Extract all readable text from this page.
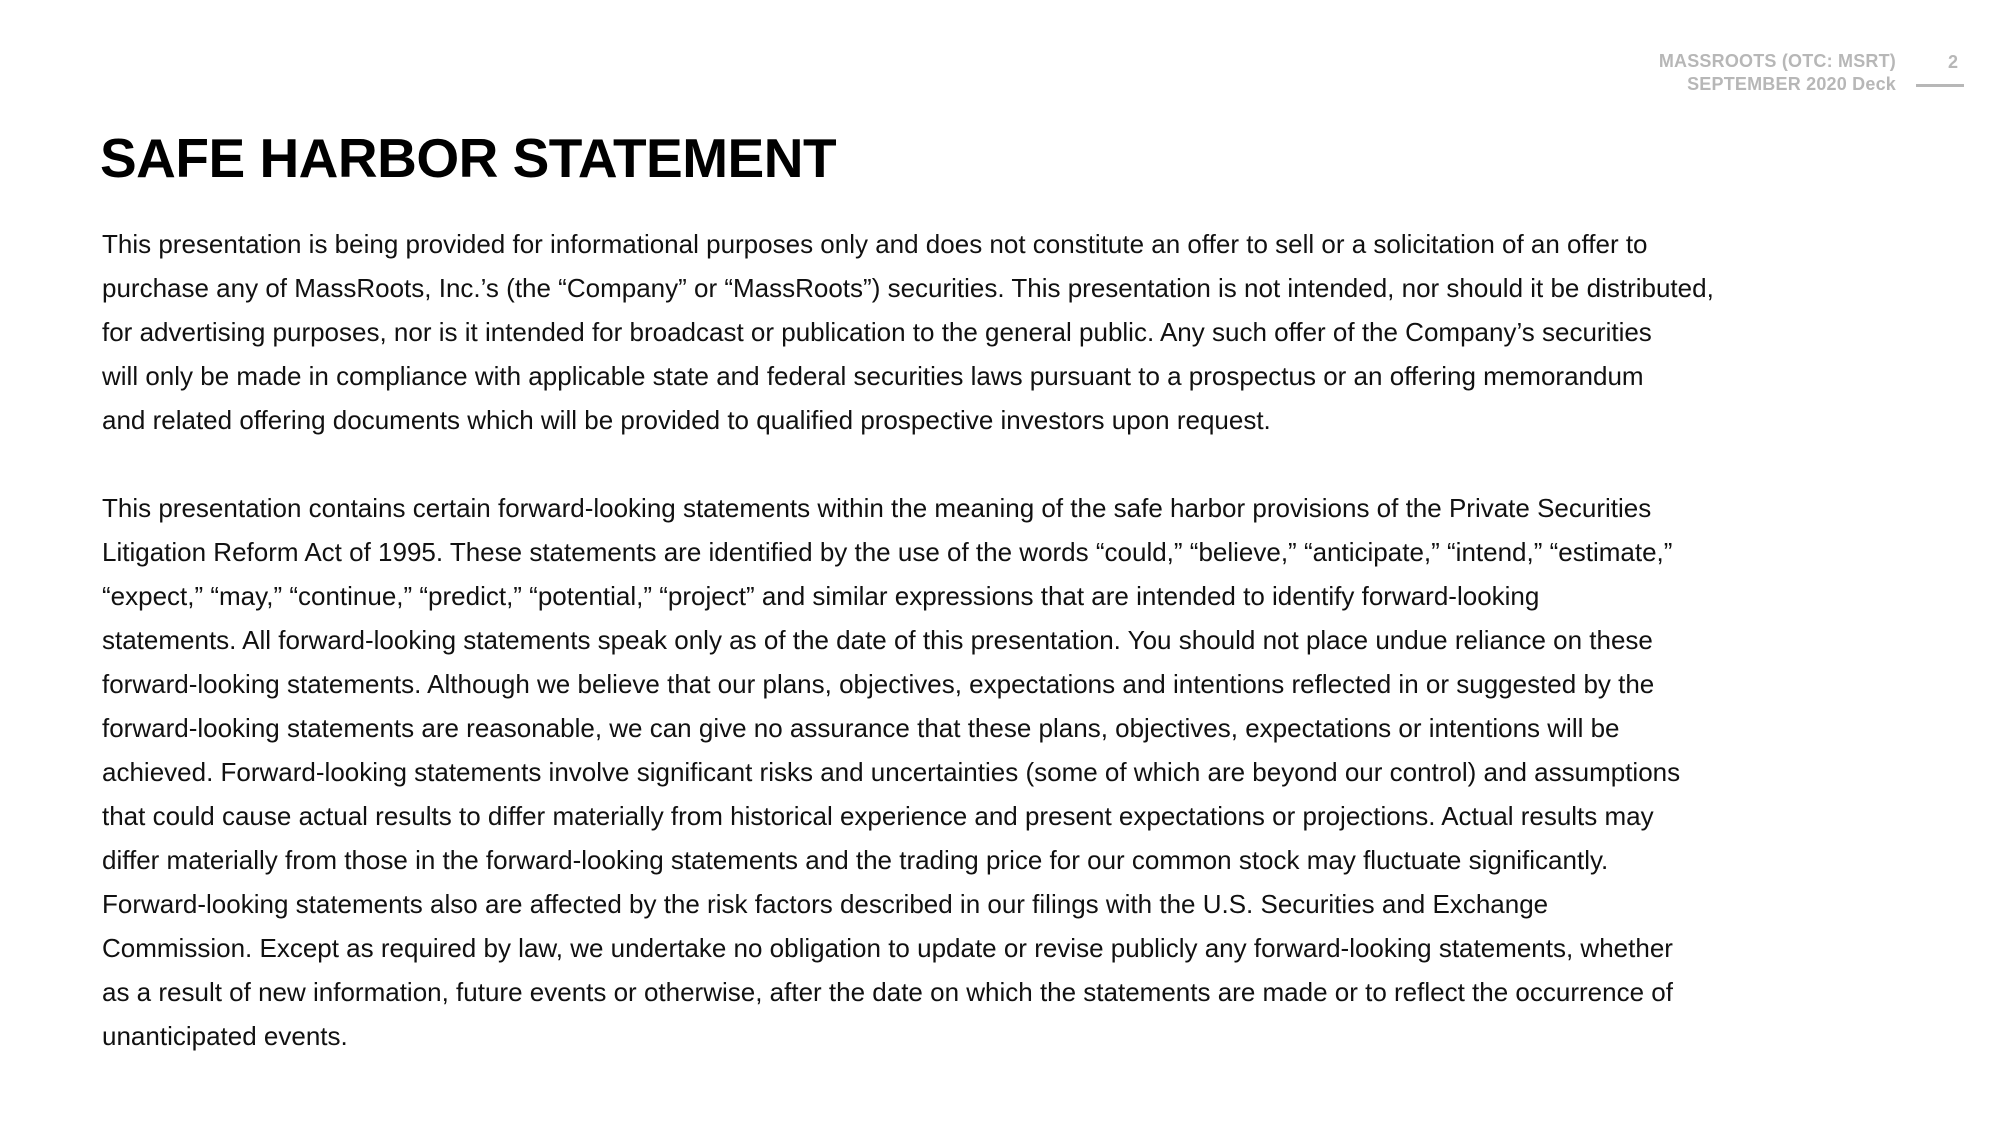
MASSROOTS (OTC: MSRT)
SEPTEMBER 2020 Deck
2
SAFE HARBOR STATEMENT

This presentation is being provided for informational purposes only and does not constitute an offer to sell or a solicitation of an offer to
purchase any of MassRoots, Inc.’s (the “Company” or “MassRoots”) securities. This presentation is not intended, nor should it be distributed,
for advertising purposes, nor is it intended for broadcast or publication to the general public. Any such offer of the Company’s securities
will only be made in compliance with applicable state and federal securities laws pursuant to a prospectus or an offering memorandum
and related offering documents which will be provided to qualified prospective investors upon request.

This presentation contains certain forward-looking statements within the meaning of the safe harbor provisions of the Private Securities
Litigation Reform Act of 1995. These statements are identified by the use of the words “could,” “believe,” “anticipate,” “intend,” “estimate,”
“expect,” “may,” “continue,” “predict,” “potential,” “project” and similar expressions that are intended to identify forward-looking
statements. All forward-looking statements speak only as of the date of this presentation. You should not place undue reliance on these
forward-looking statements. Although we believe that our plans, objectives, expectations and intentions reflected in or suggested by the
forward-looking statements are reasonable, we can give no assurance that these plans, objectives, expectations or intentions will be
achieved. Forward-looking statements involve significant risks and uncertainties (some of which are beyond our control) and assumptions
that could cause actual results to differ materially from historical experience and present expectations or projections. Actual results may
differ materially from those in the forward-looking statements and the trading price for our common stock may fluctuate significantly.
Forward-looking statements also are affected by the risk factors described in our filings with the U.S. Securities and Exchange
Commission. Except as required by law, we undertake no obligation to update or revise publicly any forward-looking statements, whether
as a result of new information, future events or otherwise, after the date on which the statements are made or to reflect the occurrence of
unanticipated events.
